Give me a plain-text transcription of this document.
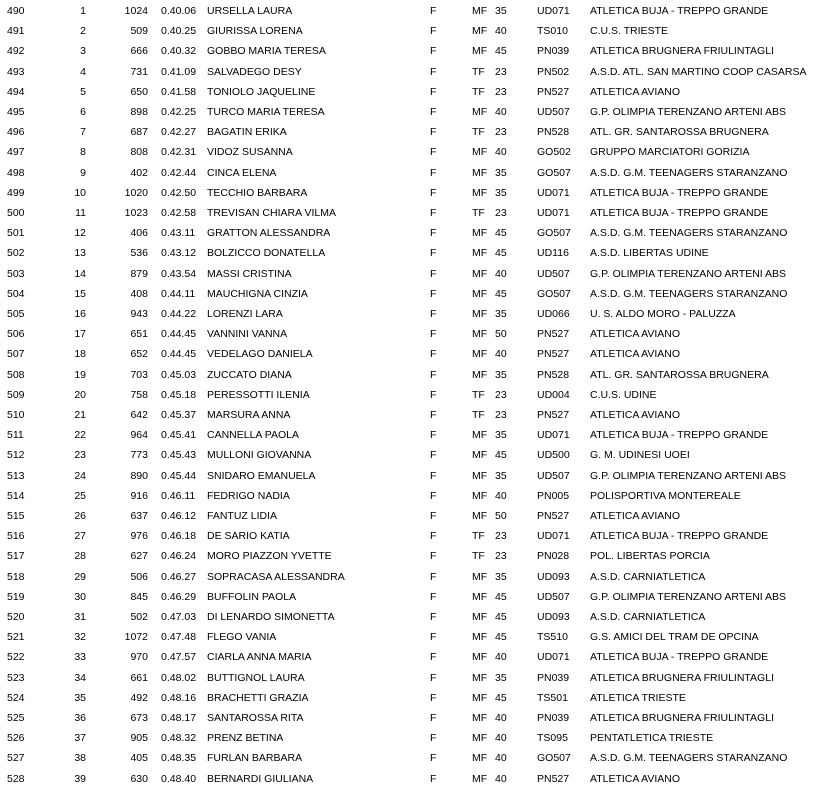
490	1	1024 0.40.06 URSELLA LAURA	F	MF 35	UD071 ATLETICA BUJA - TREPPO GRANDE
491	2	509 0.40.25 GIURISSA LORENA	F	MF 40	TS010 C.U.S. TRIESTE
492	3	666 0.40.32 GOBBO MARIA TERESA	F	MF 45	PN039 ATLETICA BRUGNERA FRIULINTAGLI
493	4	731 0.41.09 SALVADEGO DESY	F	TF 23	PN502 A.S.D. ATL. SAN MARTINO COOP CASARSA
494	5	650 0.41.58 TONIOLO JAQUELINE	F	TF 23	PN527 ATLETICA AVIANO
495	6	898 0.42.25 TURCO MARIA TERESA	F	MF 40	UD507 G.P. OLIMPIA TERENZANO ARTENI ABS
496	7	687 0.42.27 BAGATIN ERIKA	F	TF 23	PN528 ATL. GR. SANTAROSSA BRUGNERA
497	8	808 0.42.31 VIDOZ SUSANNA	F	MF 40	GO502 GRUPPO MARCIATORI GORIZIA
498	9	402 0.42.44 CINCA ELENA	F	MF 35	GO507 A.S.D. G.M. TEENAGERS STARANZANO
499	10	1020 0.42.50 TECCHIO BARBARA	F	MF 35	UD071 ATLETICA BUJA - TREPPO GRANDE
500	11	1023 0.42.58 TREVISAN CHIARA VILMA	F	TF 23	UD071 ATLETICA BUJA - TREPPO GRANDE
501	12	406 0.43.11 GRATTON ALESSANDRA	F	MF 45	GO507 A.S.D. G.M. TEENAGERS STARANZANO
502	13	536 0.43.12 BOLZICCO DONATELLA	F	MF 45	UD116 A.S.D. LIBERTAS UDINE
503	14	879 0.43.54 MASSI CRISTINA	F	MF 40	UD507 G.P. OLIMPIA TERENZANO ARTENI ABS
504	15	408 0.44.11 MAUCHIGNA CINZIA	F	MF 45	GO507 A.S.D. G.M. TEENAGERS STARANZANO
505	16	943 0.44.22 LORENZI LARA	F	MF 35	UD066 U. S. ALDO MORO - PALUZZA
506	17	651 0.44.45 VANNINI VANNA	F	MF 50	PN527 ATLETICA AVIANO
507	18	652 0.44.45 VEDELAGO DANIELA	F	MF 40	PN527 ATLETICA AVIANO
508	19	703 0.45.03 ZUCCATO DIANA	F	MF 35	PN528 ATL. GR. SANTAROSSA BRUGNERA
509	20	758 0.45.18 PERESSOTTI ILENIA	F	TF 23	UD004 C.U.S. UDINE
510	21	642 0.45.37 MARSURA ANNA	F	TF 23	PN527 ATLETICA AVIANO
511	22	964 0.45.41 CANNELLA PAOLA	F	MF 35	UD071 ATLETICA BUJA - TREPPO GRANDE
512	23	773 0.45.43 MULLONI GIOVANNA	F	MF 45	UD500 G. M. UDINESI UOEI
513	24	890 0.45.44 SNIDARO EMANUELA	F	MF 35	UD507 G.P. OLIMPIA TERENZANO ARTENI ABS
514	25	916 0.46.11 FEDRIGO NADIA	F	MF 40	PN005 POLISPORTIVA MONTEREALE
515	26	637 0.46.12 FANTUZ LIDIA	F	MF 50	PN527 ATLETICA AVIANO
516	27	976 0.46.18 DE SARIO KATIA	F	TF 23	UD071 ATLETICA BUJA - TREPPO GRANDE
517	28	627 0.46.24 MORO PIAZZON YVETTE	F	TF 23	PN028 POL. LIBERTAS PORCIA
518	29	506 0.46.27 SOPRACASA ALESSANDRA	F	MF 35	UD093 A.S.D. CARNIATLETICA
519	30	845 0.46.29 BUFFOLIN PAOLA	F	MF 45	UD507 G.P. OLIMPIA TERENZANO ARTENI ABS
520	31	502 0.47.03 DI LENARDO SIMONETTA	F	MF 45	UD093 A.S.D. CARNIATLETICA
521	32	1072 0.47.48 FLEGO VANIA	F	MF 45	TS510 G.S. AMICI DEL TRAM DE OPCINA
522	33	970 0.47.57 CIARLA ANNA MARIA	F	MF 40	UD071 ATLETICA BUJA - TREPPO GRANDE
523	34	661 0.48.02 BUTTIGNOL LAURA	F	MF 35	PN039 ATLETICA BRUGNERA FRIULINTAGLI
524	35	492 0.48.16 BRACHETTI GRAZIA	F	MF 45	TS501 ATLETICA TRIESTE
525	36	673 0.48.17 SANTAROSSA RITA	F	MF 40	PN039 ATLETICA BRUGNERA FRIULINTAGLI
526	37	905 0.48.32 PRENZ BETINA	F	MF 40	TS095 PENTATLETICA TRIESTE
527	38	405 0.48.35 FURLAN BARBARA	F	MF 40	GO507 A.S.D. G.M. TEENAGERS STARANZANO
528	39	630 0.48.40 BERNARDI GIULIANA	F	MF 40	PN527 ATLETICA AVIANO
